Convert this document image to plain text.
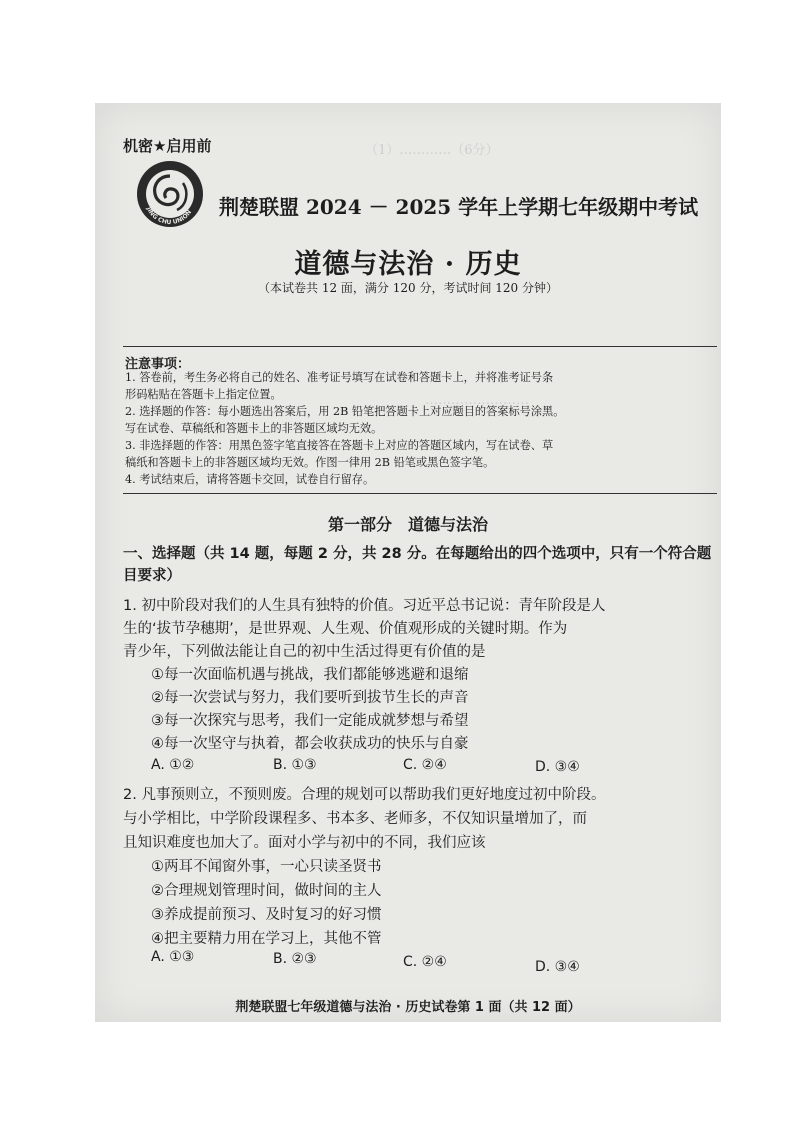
（1）…………（6分）
……………………
机密★启用前
JING CHU UNION 荆楚联盟 2024 － 2025 学年上学期七年级期中考试
道德与法治 · 历史
（本试卷共 12 面，满分 120 分，考试时间 120 分钟）
注意事项：
1. 答卷前，考生务必将自己的姓名、准考证号填写在试卷和答题卡上，并将准考证号条
形码粘贴在答题卡上指定位置。
2. 选择题的作答：每小题选出答案后，用 2B 铅笔把答题卡上对应题目的答案标号涂黑。
写在试卷、草稿纸和答题卡上的非答题区域均无效。
3. 非选择题的作答：用黑色签字笔直接答在答题卡上对应的答题区域内，写在试卷、草
稿纸和答题卡上的非答题区域均无效。作图一律用 2B 铅笔或黑色签字笔。
4. 考试结束后，请将答题卡交回，试卷自行留存。
第一部分　道德与法治
一、选择题（共 14 题，每题 2 分，共 28 分。在每题给出的四个选项中，只有一个符合题目要求）
1. 初中阶段对我们的人生具有独特的价值。习近平总书记说：青年阶段是人
生的‘拔节孕穗期’，是世界观、人生观、价值观形成的关键时期。作为
青少年，下列做法能让自己的初中生活过得更有价值的是
①每一次面临机遇与挑战，我们都能够逃避和退缩
②每一次尝试与努力，我们要听到拔节生长的声音
③每一次探究与思考，我们一定能成就梦想与希望
④每一次坚守与执着，都会收获成功的快乐与自豪
A. ①②	B. ①③	C. ②④	D. ③④
2. 凡事预则立，不预则废。合理的规划可以帮助我们更好地度过初中阶段。
与小学相比，中学阶段课程多、书本多、老师多，不仅知识量增加了，而
且知识难度也加大了。面对小学与初中的不同，我们应该
①两耳不闻窗外事，一心只读圣贤书
②合理规划管理时间，做时间的主人
③养成提前预习、及时复习的好习惯
④把主要精力用在学习上，其他不管
A. ①③	B. ②③	C. ②④	D. ③④
荆楚联盟七年级道德与法治 · 历史试卷第 1 面（共 12 面）
